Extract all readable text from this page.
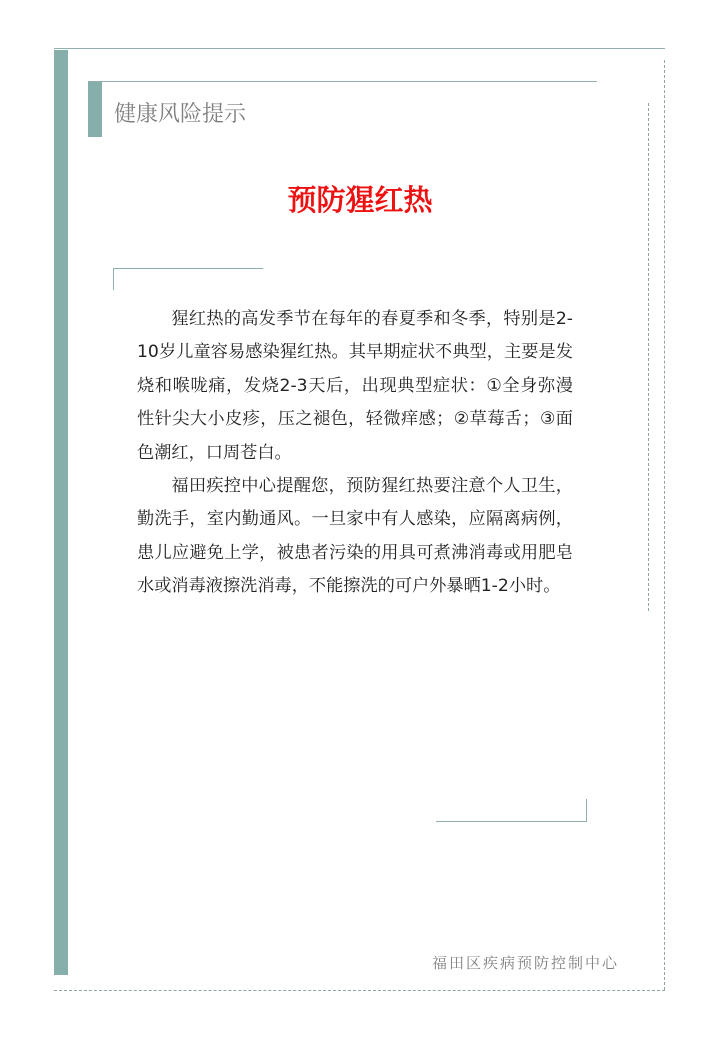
健康风险提示
预防猩红热

猩红热的高发季节在每年的春夏季和冬季，特别是2-10岁儿童容易感染猩红热。其早期症状不典型，主要是发烧和喉咙痛，发烧2-3天后，出现典型症状：①全身弥漫性针尖大小皮疹，压之褪色，轻微痒感；②草莓舌；③面色潮红，口周苍白。

福田疾控中心提醒您，预防猩红热要注意个人卫生，勤洗手，室内勤通风。一旦家中有人感染，应隔离病例，患儿应避免上学，被患者污染的用具可煮沸消毒或用肥皂水或消毒液擦洗消毒，不能擦洗的可户外暴晒1-2小时。

福田区疾病预防控制中心
